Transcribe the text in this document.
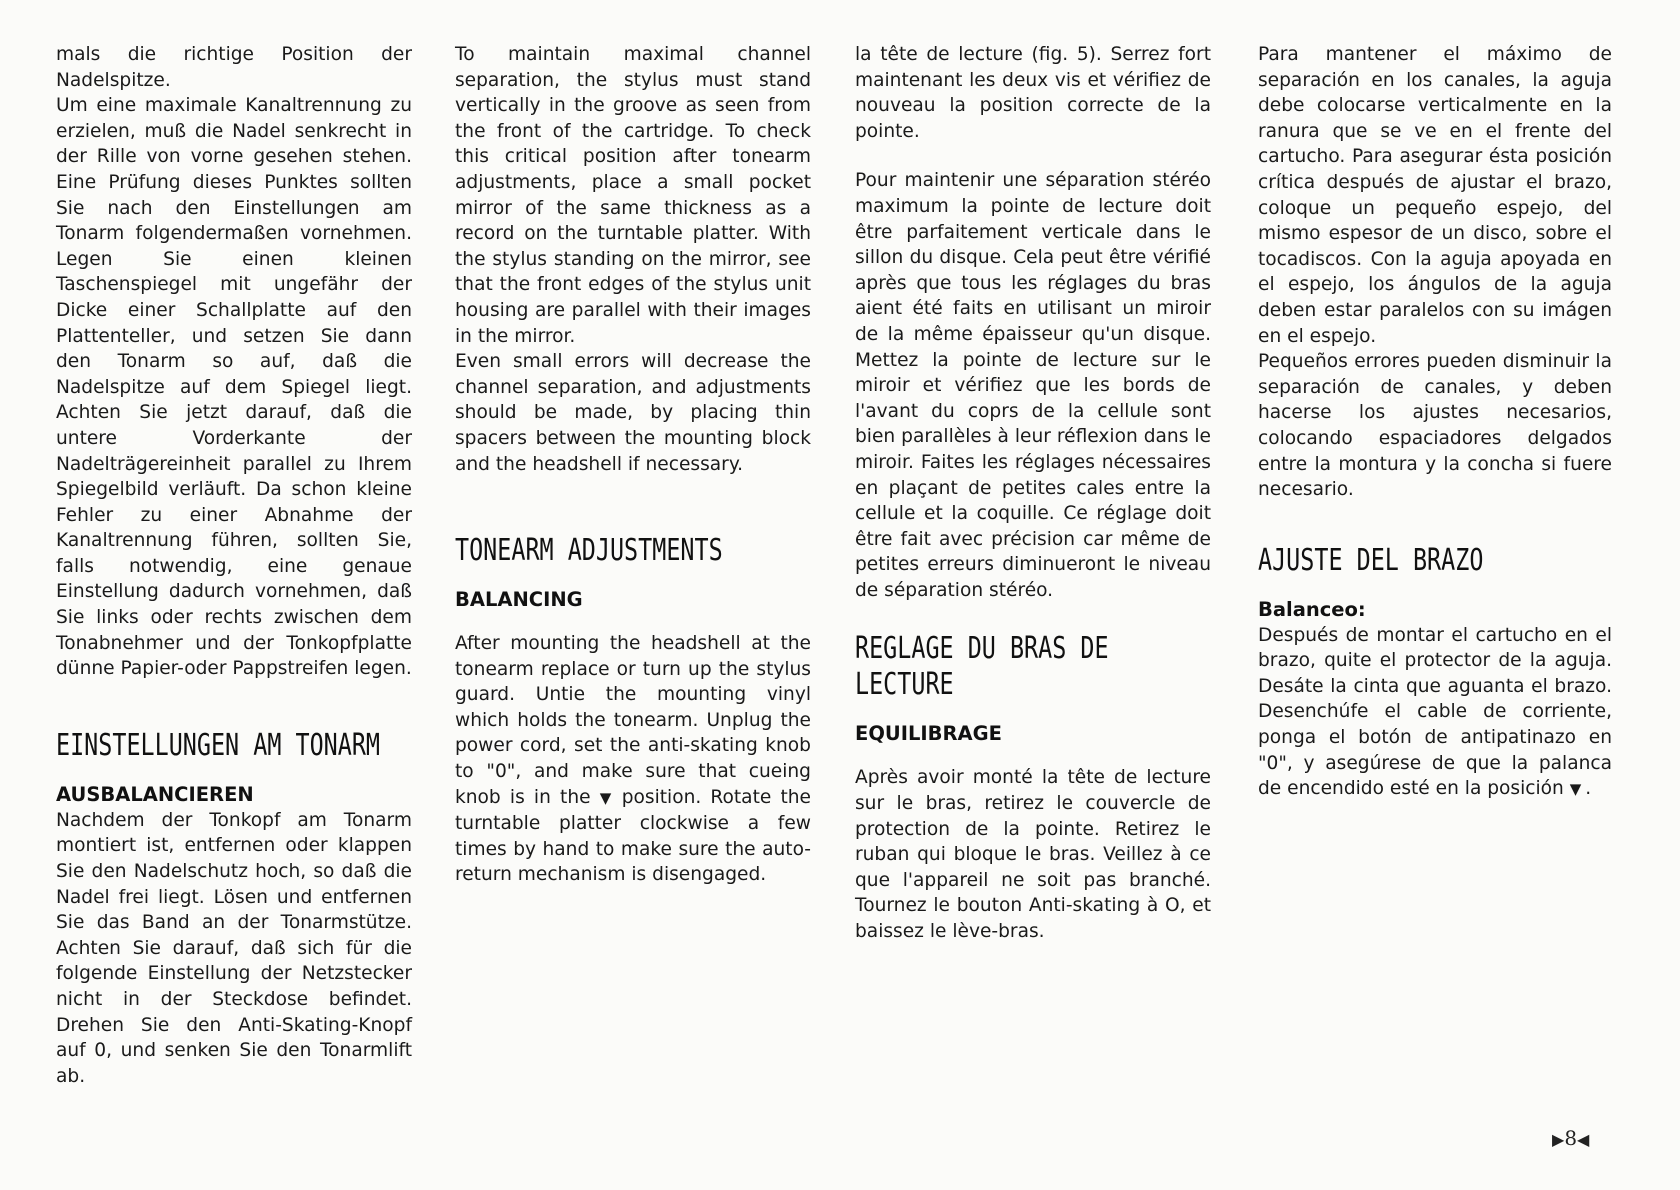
mals die richtige Position der Nadelspitze.

Um eine maximale Kanaltrennung zu erzielen, muß die Nadel senkrecht in der Rille von vorne gesehen stehen. Eine Prüfung dieses Punktes sollten Sie nach den Einstellungen am Tonarm folgendermaßen vornehmen. Legen Sie einen kleinen Taschenspiegel mit ungefähr der Dicke einer Schallplatte auf den Plattenteller, und setzen Sie dann den Tonarm so auf, daß die Nadelspitze auf dem Spiegel liegt. Achten Sie jetzt darauf, daß die untere Vorderkante der Nadelträgereinheit parallel zu Ihrem Spiegelbild verläuft. Da schon kleine Fehler zu einer Abnahme der Kanaltrennung führen, sollten Sie, falls notwendig, eine genaue Einstellung dadurch vornehmen, daß Sie links oder rechts zwischen dem Tonabnehmer und der Tonkopfplatte dünne Papier-oder Pappstreifen legen.

EINSTELLUNGEN AM TONARM
AUSBALANCIEREN

Nachdem der Tonkopf am Tonarm montiert ist, entfernen oder klappen Sie den Nadelschutz hoch, so daß die Nadel frei liegt. Lösen und entfernen Sie das Band an der Tonarmstütze. Achten Sie darauf, daß sich für die folgende Einstellung der Netzstecker nicht in der Steckdose befindet. Drehen Sie den Anti-Skating-Knopf auf 0, und senken Sie den Tonarmlift ab.

To maintain maximal channel separation, the stylus must stand vertically in the groove as seen from the front of the cartridge. To check this critical position after tonearm adjustments, place a small pocket mirror of the same thickness as a record on the turntable platter. With the stylus standing on the mirror, see that the front edges of the stylus unit housing are parallel with their images in the mirror.

Even small errors will decrease the channel separation, and adjustments should be made, by placing thin spacers between the mounting block and the headshell if necessary.

TONEARM ADJUSTMENTS
BALANCING

After mounting the headshell at the tonearm replace or turn up the stylus guard. Untie the mounting vinyl which holds the tonearm. Unplug the power cord, set the anti-skating knob to "0", and make sure that cueing knob is in the ▼ position. Rotate the turntable platter clockwise a few times by hand to make sure the auto-return mechanism is disengaged.

la tête de lecture (fig. 5). Serrez fort maintenant les deux vis et vérifiez de nouveau la position correcte de la pointe.

Pour maintenir une séparation stéréo maximum la pointe de lecture doit être parfaitement verticale dans le sillon du disque. Cela peut être vérifié après que tous les réglages du bras aient été faits en utilisant un miroir de la même épaisseur qu'un disque. Mettez la pointe de lecture sur le miroir et vérifiez que les bords de l'avant du coprs de la cellule sont bien parallèles à leur réflexion dans le miroir. Faites les réglages nécessaires en plaçant de petites cales entre la cellule et la coquille. Ce réglage doit être fait avec précision car même de petites erreurs diminueront le niveau de séparation stéréo.

REGLAGE DU BRAS DE LECTURE
EQUILIBRAGE

Après avoir monté la tête de lecture sur le bras, retirez le couvercle de protection de la pointe. Retirez le ruban qui bloque le bras. Veillez à ce que l'appareil ne soit pas branché. Tournez le bouton Anti-skating à O, et baissez le lève-bras.

Para mantener el máximo de separación en los canales, la aguja debe colocarse verticalmente en la ranura que se ve en el frente del cartucho. Para asegurar ésta posición crítica después de ajustar el brazo, coloque un pequeño espejo, del mismo espesor de un disco, sobre el tocadiscos. Con la aguja apoyada en el espejo, los ángulos de la aguja deben estar paralelos con su imágen en el espejo.

Pequeños errores pueden disminuir la separación de canales, y deben hacerse los ajustes necesarios, colocando espaciadores delgados entre la montura y la concha si fuere necesario.

AJUSTE DEL BRAZO
Balanceo:

Después de montar el cartucho en el brazo, quite el protector de la aguja. Desáte la cinta que aguanta el brazo. Desenchúfe el cable de corriente, ponga el botón de antipatinazo en "0", y asegúrese de que la palanca de encendido esté en la posición ▼ .

▶8◀
